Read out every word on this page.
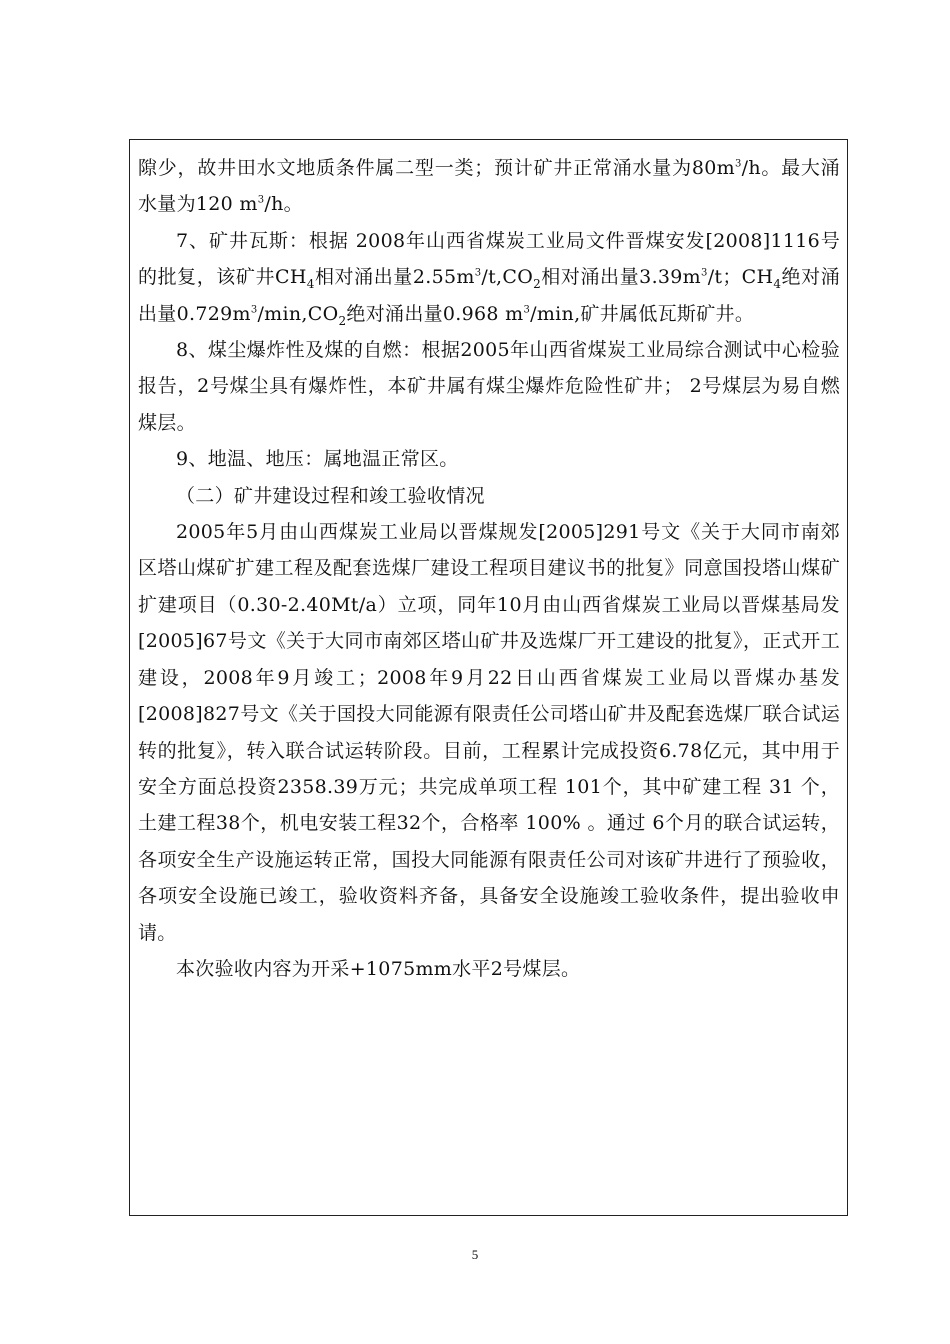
隙少，故井田水文地质条件属二型一类；预计矿井正常涌水量为$80m^3/h$。最大涌水量为120 $m^3/h$。

7、矿井瓦斯：根据 2008年山西省煤炭工业局文件晋煤安发[2008]1116号的批复，该矿井$CH_4$相对涌出量$2.55m^3/t,CO_2$相对涌出量$3.39m^3/t$；$CH_4$绝对涌出量$0.729m^3/\min,CO_2$绝对涌出量0.968 $m^3/\min$,矿井属低瓦斯矿井。

8、煤尘爆炸性及煤的自燃：根据2005年山西省煤炭工业局综合测试中心检验报告，2号煤尘具有爆炸性，本矿井属有煤尘爆炸危险性矿井； 2号煤层为易自燃煤层。

9、地温、地压：属地温正常区。

（二）矿井建设过程和竣工验收情况

2005年5月由山西煤炭工业局以晋煤规发[2005]291号文《关于大同市南郊区塔山煤矿扩建工程及配套选煤厂建设工程项目建议书的批复》同意国投塔山煤矿扩建项目（0.30-2.40Mt/a）立项，同年10月由山西省煤炭工业局以晋煤基局发[2005]67号文《关于大同市南郊区塔山矿井及选煤厂开工建设的批复》，正式开工建设，2008年9月竣工；2008年9月22日山西省煤炭工业局以晋煤办基发[2008]827号文《关于国投大同能源有限责任公司塔山矿井及配套选煤厂联合试运转的批复》，转入联合试运转阶段。目前，工程累计完成投资6.78亿元，其中用于安全方面总投资2358.39万元；共完成单项工程 101个，其中矿建工程 31 个，土建工程38个，机电安装工程32个，合格率 100% 。通过 6个月的联合试运转，各项安全生产设施运转正常，国投大同能源有限责任公司对该矿井进行了预验收，各项安全设施已竣工，验收资料齐备，具备安全设施竣工验收条件，提出验收申请。

本次验收内容为开采+1075mm水平2号煤层。

5
